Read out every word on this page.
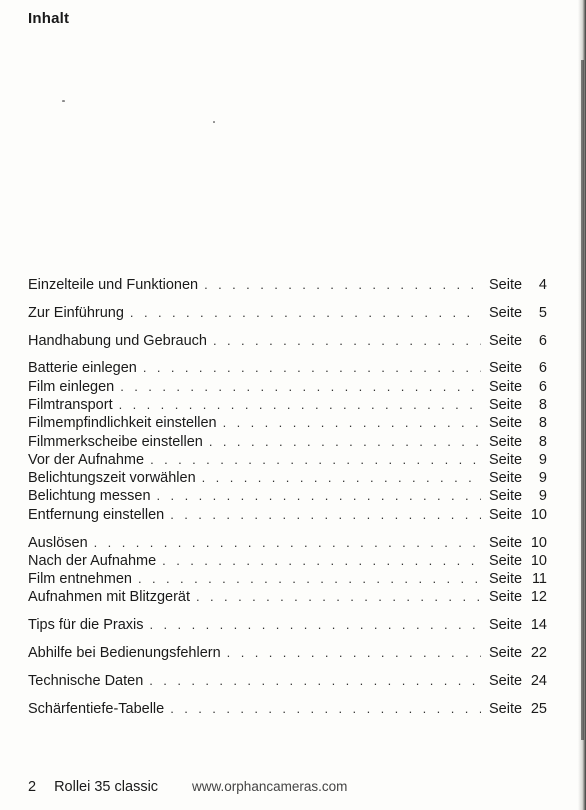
Inhalt
Einzelteile und Funktionen . . .	Seite	4
Zur Einführung . . .	Seite	5
Handhabung und Gebrauch . . .	Seite	6
Batterie einlegen . . .	Seite	6
Film einlegen . . .	Seite	6
Filmtransport . . .	Seite	8
Filmempfindlichkeit einstellen . . .	Seite	8
Filmmerkscheibe einstellen . . .	Seite	8
Vor der Aufnahme . . .	Seite	9
Belichtungszeit vorwählen . . .	Seite	9
Belichtung messen . . .	Seite	9
Entfernung einstellen . . .	Seite 10
Auslösen . . .	Seite 10
Nach der Aufnahme . . .	Seite 10
Film entnehmen . . .	Seite 11
Aufnahmen mit Blitzgerät . . .	Seite 12
Tips für die Praxis . . .	Seite 14
Abhilfe bei Bedienungsfehlern . . .	Seite 22
Technische Daten . . .	Seite 24
Schärfentiefe-Tabelle . . .	Seite 25
2 Rollei 35 classic	www.orphancameras.com
